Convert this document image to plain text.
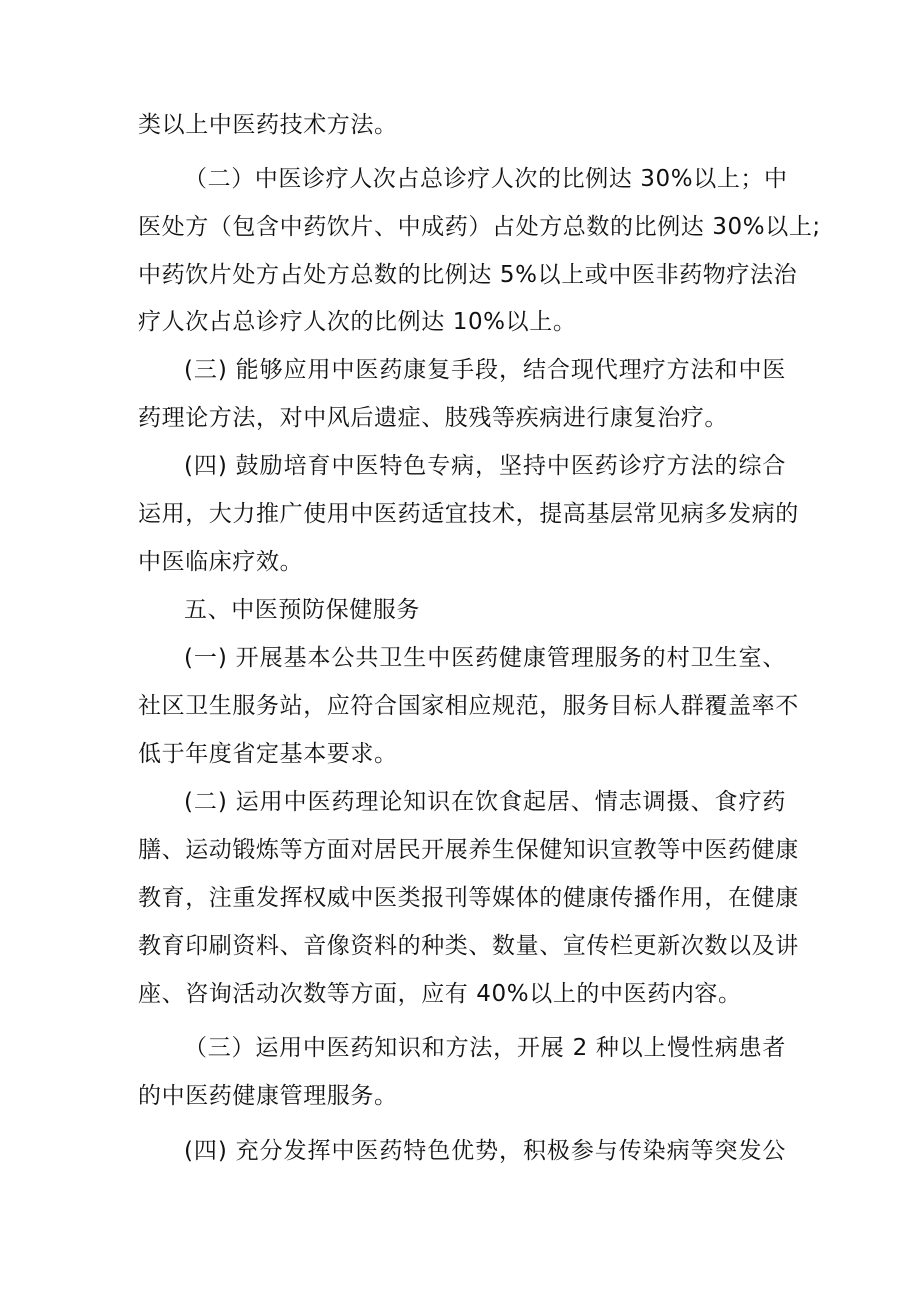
类以上中医药技术方法。
（二）中医诊疗人次占总诊疗人次的比例达 30%以上；中
医处方（包含中药饮片、中成药）占处方总数的比例达 30%以上;
中药饮片处方占处方总数的比例达 5%以上或中医非药物疗法治
疗人次占总诊疗人次的比例达 10%以上。
(三) 能够应用中医药康复手段，结合现代理疗方法和中医
药理论方法，对中风后遗症、肢残等疾病进行康复治疗。
(四) 鼓励培育中医特色专病，坚持中医药诊疗方法的综合
运用，大力推广使用中医药适宜技术，提高基层常见病多发病的
中医临床疗效。
五、中医预防保健服务
(一) 开展基本公共卫生中医药健康管理服务的村卫生室、
社区卫生服务站，应符合国家相应规范，服务目标人群覆盖率不
低于年度省定基本要求。
(二) 运用中医药理论知识在饮食起居、情志调摄、食疗药
膳、运动锻炼等方面对居民开展养生保健知识宣教等中医药健康
教育，注重发挥权威中医类报刊等媒体的健康传播作用，在健康
教育印刷资料、音像资料的种类、数量、宣传栏更新次数以及讲
座、咨询活动次数等方面，应有 40%以上的中医药内容。
（三）运用中医药知识和方法，开展 2 种以上慢性病患者
的中医药健康管理服务。
(四) 充分发挥中医药特色优势，积极参与传染病等突发公
